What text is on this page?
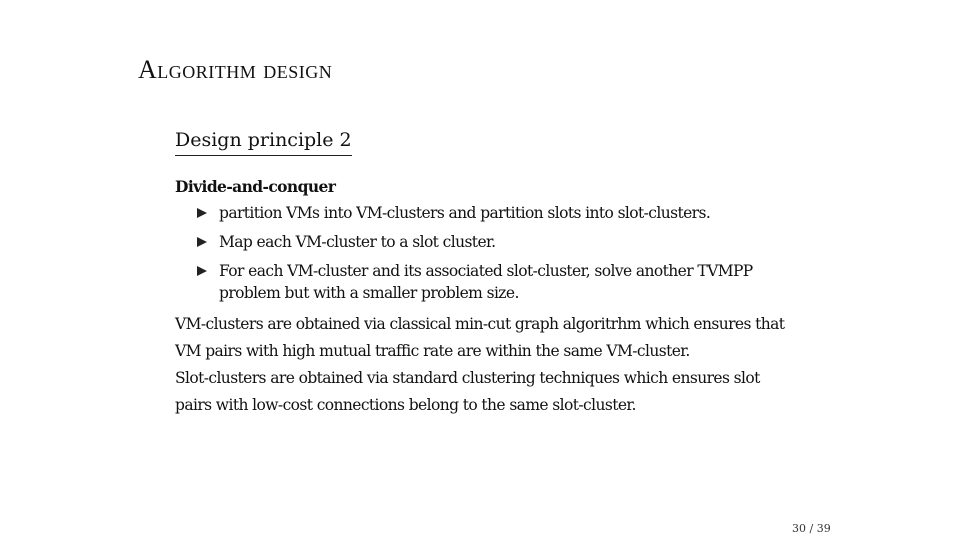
Algorithm design
Design principle 2

Divide-and-conquer

partition VMs into VM-clusters and partition slots into slot-clusters.
Map each VM-cluster to a slot cluster.
For each VM-cluster and its associated slot-cluster, solve another TVMPP problem but with a smaller problem size.

VM-clusters are obtained via classical min-cut graph algoritrhm which ensures that VM pairs with high mutual traffic rate are within the same VM-cluster.

Slot-clusters are obtained via standard clustering techniques which ensures slot pairs with low-cost connections belong to the same slot-cluster.

30 / 39
